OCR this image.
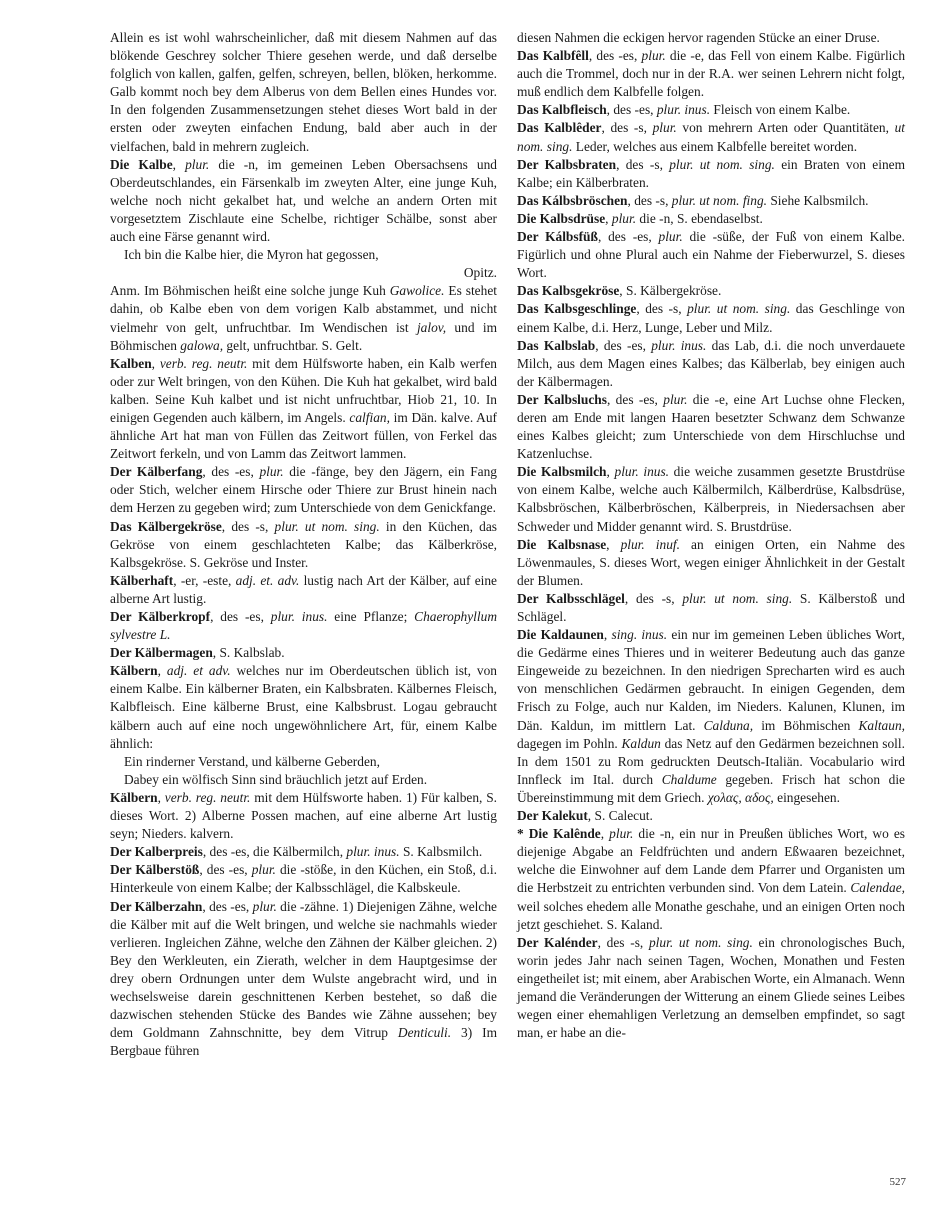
Allein es ist wohl wahrscheinlicher, daß mit diesem Nahmen auf das blökende Geschrey solcher Thiere gesehen werde, und daß derselbe folglich von kallen, galfen, gelfen, schreyen, bellen, blöken, herkomme. Galb kommt noch bey dem Alberus von dem Bellen eines Hundes vor. In den folgenden Zusammensetzungen stehet dieses Wort bald in der ersten oder zweyten einfachen Endung, bald aber auch in der vielfachen, bald in mehrern zugleich.
Die Kalbe, plur. die -n, im gemeinen Leben Obersachsens und Oberdeutschlandes, ein Färsenkalb im zweyten Alter, eine junge Kuh, welche noch nicht gekalbet hat, und welche an andern Orten mit vorgesetztem Zischlaute eine Schelbe, richtiger Schälbe, sonst aber auch eine Färse genannt wird.
Ich bin die Kalbe hier, die Myron hat gegossen,
Opitz.
Anm. Im Böhmischen heißt eine solche junge Kuh Gawolice. Es stehet dahin, ob Kalbe eben von dem vorigen Kalb abstammet, und nicht vielmehr von gelt, unfruchtbar. Im Wendischen ist jalov, und im Böhmischen galowa, gelt, unfruchtbar. S. Gelt.
Kalben, verb. reg. neutr. mit dem Hülfsworte haben, ein Kalb werfen oder zur Welt bringen, von den Kühen. Die Kuh hat gekalbet, wird bald kalben. Seine Kuh kalbet und ist nicht unfruchtbar, Hiob 21, 10. In einigen Gegenden auch kälbern, im Angels. calfian, im Dän. kalve. Auf ähnliche Art hat man von Füllen das Zeitwort füllen, von Ferkel das Zeitwort ferkeln, und von Lamm das Zeitwort lammen.
Der Kälberfang, des -es, plur. die -fänge, bey den Jägern, ein Fang oder Stich, welcher einem Hirsche oder Thiere zur Brust hinein nach dem Herzen zu gegeben wird; zum Unterschiede von dem Genickfange.
Das Kälbergekröse, des -s, plur. ut nom. sing. in den Küchen, das Gekröse von einem geschlachteten Kalbe; das Kälberkröse, Kalbsgekröse. S. Gekröse und Inster.
Kälberhaft, -er, -este, adj. et. adv. lustig nach Art der Kälber, auf eine alberne Art lustig.
Der Kälberkropf, des -es, plur. inus. eine Pflanze; Chaerophyllum sylvestre L.
Der Kälbermagen, S. Kalbslab.
Kälbern, adj. et adv. welches nur im Oberdeutschen üblich ist, von einem Kalbe. Ein kälberner Braten, ein Kalbsbraten. Kälbernes Fleisch, Kalbfleisch. Eine kälberne Brust, eine Kalbsbrust. Logau gebraucht kälbern auch auf eine noch ungewöhnlichere Art, für, einem Kalbe ähnlich:
Ein rinderner Verstand, und kälberne Geberden,
Dabey ein wölfisch Sinn sind bräuchlich jetzt auf Erden.
Kälbern, verb. reg. neutr. mit dem Hülfsworte haben. 1) Für kalben, S. dieses Wort. 2) Alberne Possen machen, auf eine alberne Art lustig seyn; Nieders. kalvern.
Der Kalberpreis, des -es, die Kälbermilch, plur. inus. S. Kalbsmilch.
Der Kälberstöß, des -es, plur. die -stöße, in den Küchen, ein Stoß, d.i. Hinterkeule von einem Kalbe; der Kalbsschlägel, die Kalbskeule.
Der Kälberzahn, des -es, plur. die -zähne. 1) Diejenigen Zähne, welche die Kälber mit auf die Welt bringen, und welche sie nachmahls wieder verlieren. Ingleichen Zähne, welche den Zähnen der Kälber gleichen. 2) Bey den Werkleuten, ein Zierath, welcher in dem Hauptgesimse der drey obern Ordnungen unter dem Wulste angebracht wird, und in wechselsweise darein geschnittenen Kerben bestehet, so daß die dazwischen stehenden Stücke des Bandes wie Zähne aussehen; bey dem Goldmann Zahnschnitte, bey dem Vitrup Denticuli. 3) Im Bergbaue führen
diesen Nahmen die eckigen hervor ragenden Stücke an einer Druse.
Das Kalbfêll, des -es, plur. die -e, das Fell von einem Kalbe. Figürlich auch die Trommel, doch nur in der R.A. wer seinen Lehrern nicht folgt, muß endlich dem Kalbfelle folgen.
Das Kalbfleisch, des -es, plur. inus. Fleisch von einem Kalbe.
Das Kalblêder, des -s, plur. von mehrern Arten oder Quantitäten, ut nom. sing. Leder, welches aus einem Kalbfelle bereitet worden.
Der Kalbsbraten, des -s, plur. ut nom. sing. ein Braten von einem Kalbe; ein Kälberbraten.
Das Kálbsbröschen, des -s, plur. ut nom. fing. Siehe Kalbsmilch.
Die Kalbsdrüse, plur. die -n, S. ebendaselbst.
Der Kálbsfüß, des -es, plur. die -süße, der Fuß von einem Kalbe. Figürlich und ohne Plural auch ein Nahme der Fieberwurzel, S. dieses Wort.
Das Kalbsgekröse, S. Kälbergekröse.
Das Kalbsgeschlinge, des -s, plur. ut nom. sing. das Geschlinge von einem Kalbe, d.i. Herz, Lunge, Leber und Milz.
Das Kalbslab, des -es, plur. inus. das Lab, d.i. die noch unverdauete Milch, aus dem Magen eines Kalbes; das Kälberlab, bey einigen auch der Kälbermagen.
Der Kalbsluchs, des -es, plur. die -e, eine Art Luchse ohne Flecken, deren am Ende mit langen Haaren besetzter Schwanz dem Schwanze eines Kalbes gleicht; zum Unterschiede von dem Hirschluchse und Katzenluchse.
Die Kalbsmilch, plur. inus. die weiche zusammen gesetzte Brustdrüse von einem Kalbe, welche auch Kälbermilch, Kälberdrüse, Kalbsdrüse, Kalbsbröschen, Kälberbröschen, Kälberpreis, in Niedersachsen aber Schweder und Midder genannt wird. S. Brustdrüse.
Die Kalbsnase, plur. inuf. an einigen Orten, ein Nahme des Löwenmaules, S. dieses Wort, wegen einiger Ähnlichkeit in der Gestalt der Blumen.
Der Kalbsschlägel, des -s, plur. ut nom. sing. S. Kälberstoß und Schlägel.
Die Kaldaunen, sing. inus. ein nur im gemeinen Leben übliches Wort, die Gedärme eines Thieres und in weiterer Bedeutung auch das ganze Eingeweide zu bezeichnen. In den niedrigen Sprecharten wird es auch von menschlichen Gedärmen gebraucht. In einigen Gegenden, dem Frisch zu Folge, auch nur Kalden, im Nieders. Kalunen, Klunen, im Dän. Kaldun, im mittlern Lat. Calduna, im Böhmischen Kaltaun, dagegen im Pohln. Kaldun das Netz auf den Gedärmen bezeichnen soll. In dem 1501 zu Rom gedruckten Deutsch-Italiän. Vocabulario wird Innfleck im Ital. durch Chaldume gegeben. Frisch hat schon die Übereinstimmung mit dem Griech. χολας, αδος, eingesehen.
Der Kalekut, S. Calecut.
* Die Kalênde, plur. die -n, ein nur in Preußen übliches Wort, wo es diejenige Abgabe an Feldfrüchten und andern Eßwaaren bezeichnet, welche die Einwohner auf dem Lande dem Pfarrer und Organisten um die Herbstzeit zu entrichten verbunden sind. Von dem Latein. Calendae, weil solches ehedem alle Monathe geschahe, und an einigen Orten noch jetzt geschiehet. S. Kaland.
Der Kalénder, des -s, plur. ut nom. sing. ein chronologisches Buch, worin jedes Jahr nach seinen Tagen, Wochen, Monathen und Festen eingetheilet ist; mit einem, aber Arabischen Worte, ein Almanach. Wenn jemand die Veränderungen der Witterung an einem Gliede seines Leibes wegen einer ehemahligen Verletzung an demselben empfindet, so sagt man, er habe an die-
527
